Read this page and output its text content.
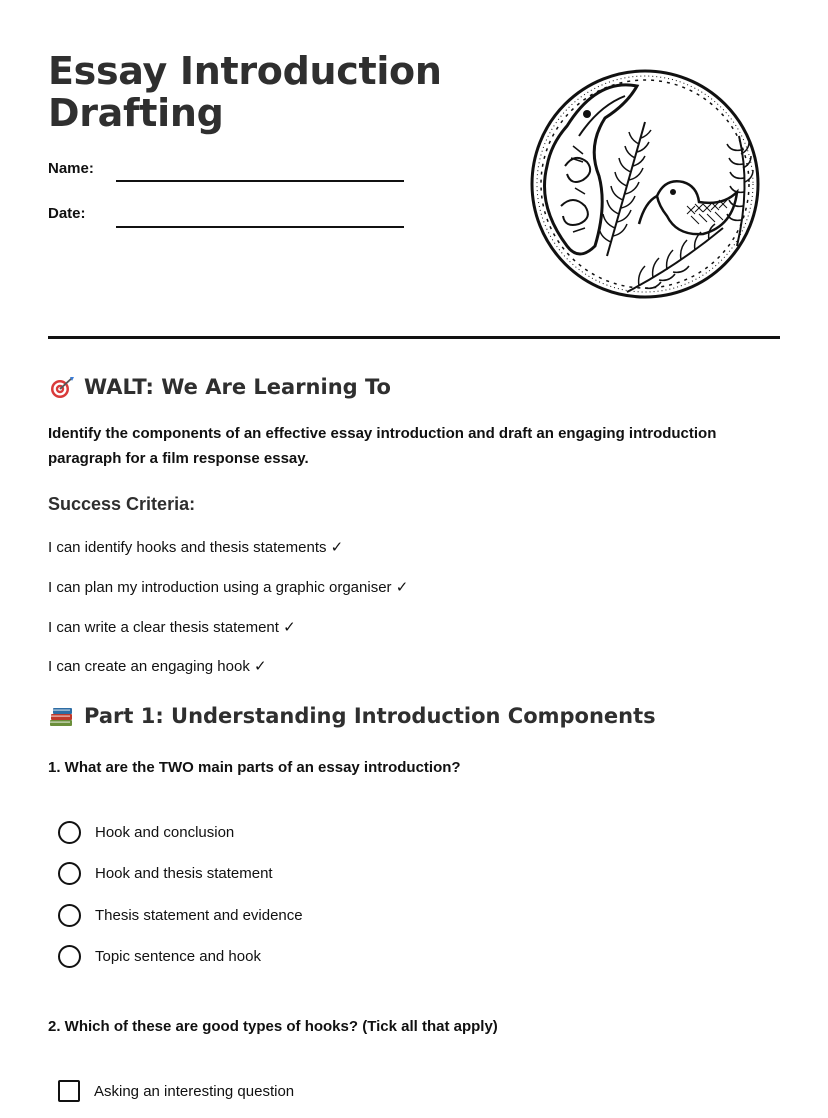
Essay Introduction
Drafting
Name:
Date:
WALT: We Are Learning To

Identify the components of an effective essay introduction and draft an engaging introduction paragraph for a film response essay.

Success Criteria:

I can identify hooks and thesis statements ✓

I can plan my introduction using a graphic organiser ✓

I can write a clear thesis statement ✓

I can create an engaging hook ✓

Part 1: Understanding Introduction Components

1. What are the TWO main parts of an essay introduction?

Hook and conclusion
Hook and thesis statement
Thesis statement and evidence
Topic sentence and hook

2. Which of these are good types of hooks? (Tick all that apply)

Asking an interesting question
